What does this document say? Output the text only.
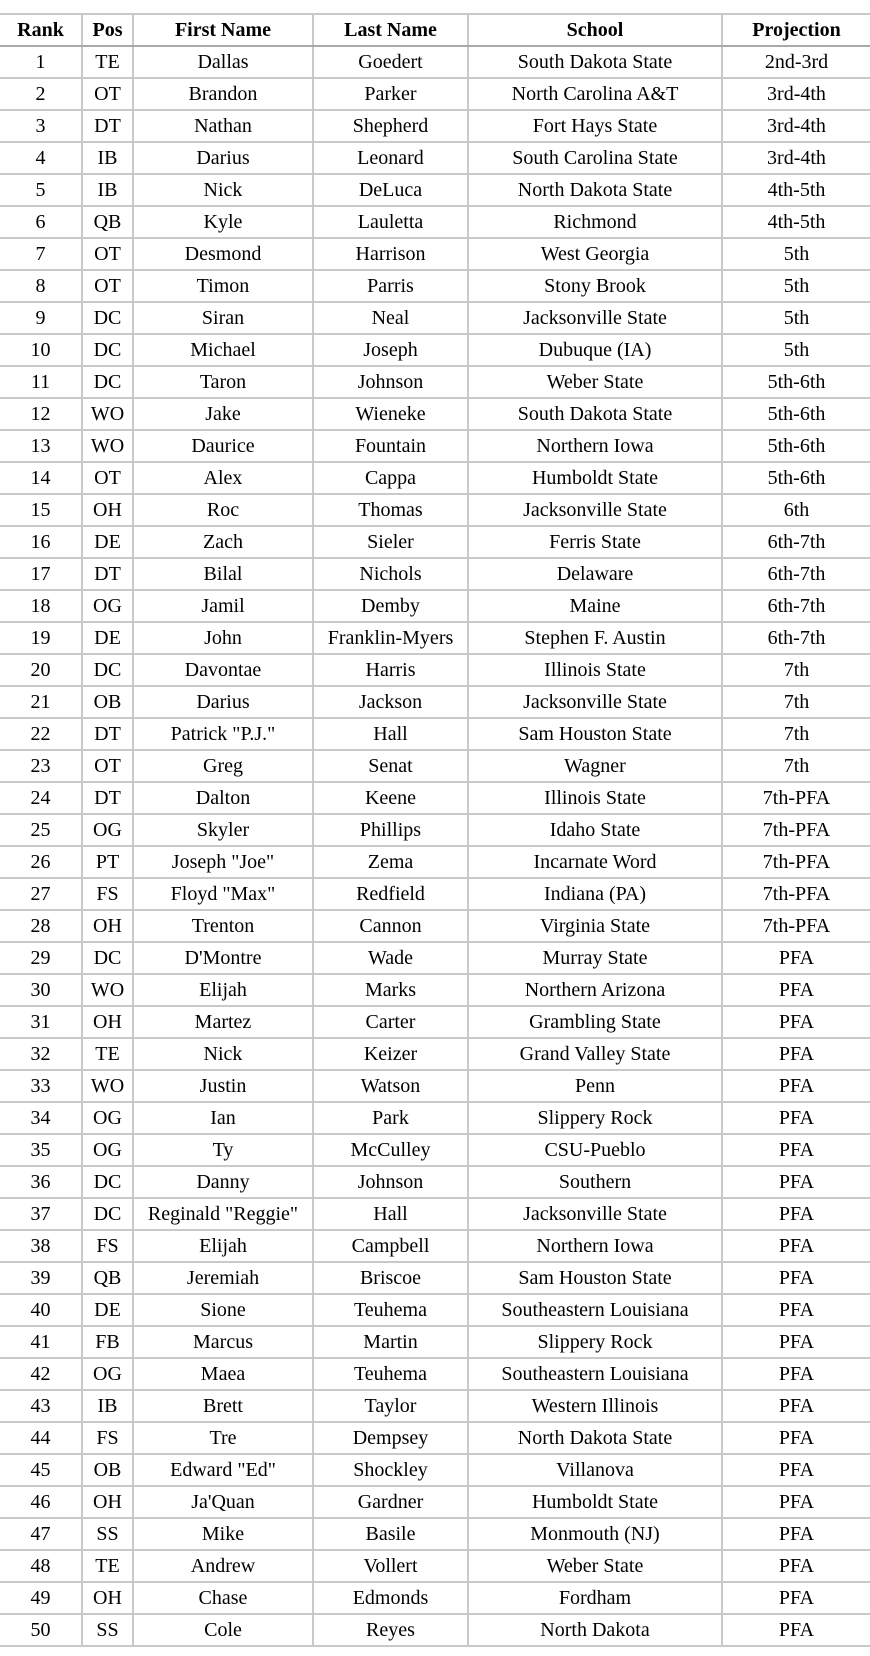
Rank	Pos	First Name	Last Name	School	Projection
1	TE	Dallas	Goedert	South Dakota State	2nd-3rd
2	OT	Brandon	Parker	North Carolina A&T	3rd-4th
3	DT	Nathan	Shepherd	Fort Hays State	3rd-4th
4	IB	Darius	Leonard	South Carolina State	3rd-4th
5	IB	Nick	DeLuca	North Dakota State	4th-5th
6	QB	Kyle	Lauletta	Richmond	4th-5th
7	OT	Desmond	Harrison	West Georgia	5th
8	OT	Timon	Parris	Stony Brook	5th
9	DC	Siran	Neal	Jacksonville State	5th
10	DC	Michael	Joseph	Dubuque (IA)	5th
11	DC	Taron	Johnson	Weber State	5th-6th
12	WO	Jake	Wieneke	South Dakota State	5th-6th
13	WO	Daurice	Fountain	Northern Iowa	5th-6th
14	OT	Alex	Cappa	Humboldt State	5th-6th
15	OH	Roc	Thomas	Jacksonville State	6th
16	DE	Zach	Sieler	Ferris State	6th-7th
17	DT	Bilal	Nichols	Delaware	6th-7th
18	OG	Jamil	Demby	Maine	6th-7th
19	DE	John	Franklin-Myers	Stephen F. Austin	6th-7th
20	DC	Davontae	Harris	Illinois State	7th
21	OB	Darius	Jackson	Jacksonville State	7th
22	DT	Patrick "P.J."	Hall	Sam Houston State	7th
23	OT	Greg	Senat	Wagner	7th
24	DT	Dalton	Keene	Illinois State	7th-PFA
25	OG	Skyler	Phillips	Idaho State	7th-PFA
26	PT	Joseph "Joe"	Zema	Incarnate Word	7th-PFA
27	FS	Floyd "Max"	Redfield	Indiana (PA)	7th-PFA
28	OH	Trenton	Cannon	Virginia State	7th-PFA
29	DC	D'Montre	Wade	Murray State	PFA
30	WO	Elijah	Marks	Northern Arizona	PFA
31	OH	Martez	Carter	Grambling State	PFA
32	TE	Nick	Keizer	Grand Valley State	PFA
33	WO	Justin	Watson	Penn	PFA
34	OG	Ian	Park	Slippery Rock	PFA
35	OG	Ty	McCulley	CSU-Pueblo	PFA
36	DC	Danny	Johnson	Southern	PFA
37	DC	Reginald "Reggie"	Hall	Jacksonville State	PFA
38	FS	Elijah	Campbell	Northern Iowa	PFA
39	QB	Jeremiah	Briscoe	Sam Houston State	PFA
40	DE	Sione	Teuhema	Southeastern Louisiana	PFA
41	FB	Marcus	Martin	Slippery Rock	PFA
42	OG	Maea	Teuhema	Southeastern Louisiana	PFA
43	IB	Brett	Taylor	Western Illinois	PFA
44	FS	Tre	Dempsey	North Dakota State	PFA
45	OB	Edward "Ed"	Shockley	Villanova	PFA
46	OH	Ja'Quan	Gardner	Humboldt State	PFA
47	SS	Mike	Basile	Monmouth (NJ)	PFA
48	TE	Andrew	Vollert	Weber State	PFA
49	OH	Chase	Edmonds	Fordham	PFA
50	SS	Cole	Reyes	North Dakota	PFA
